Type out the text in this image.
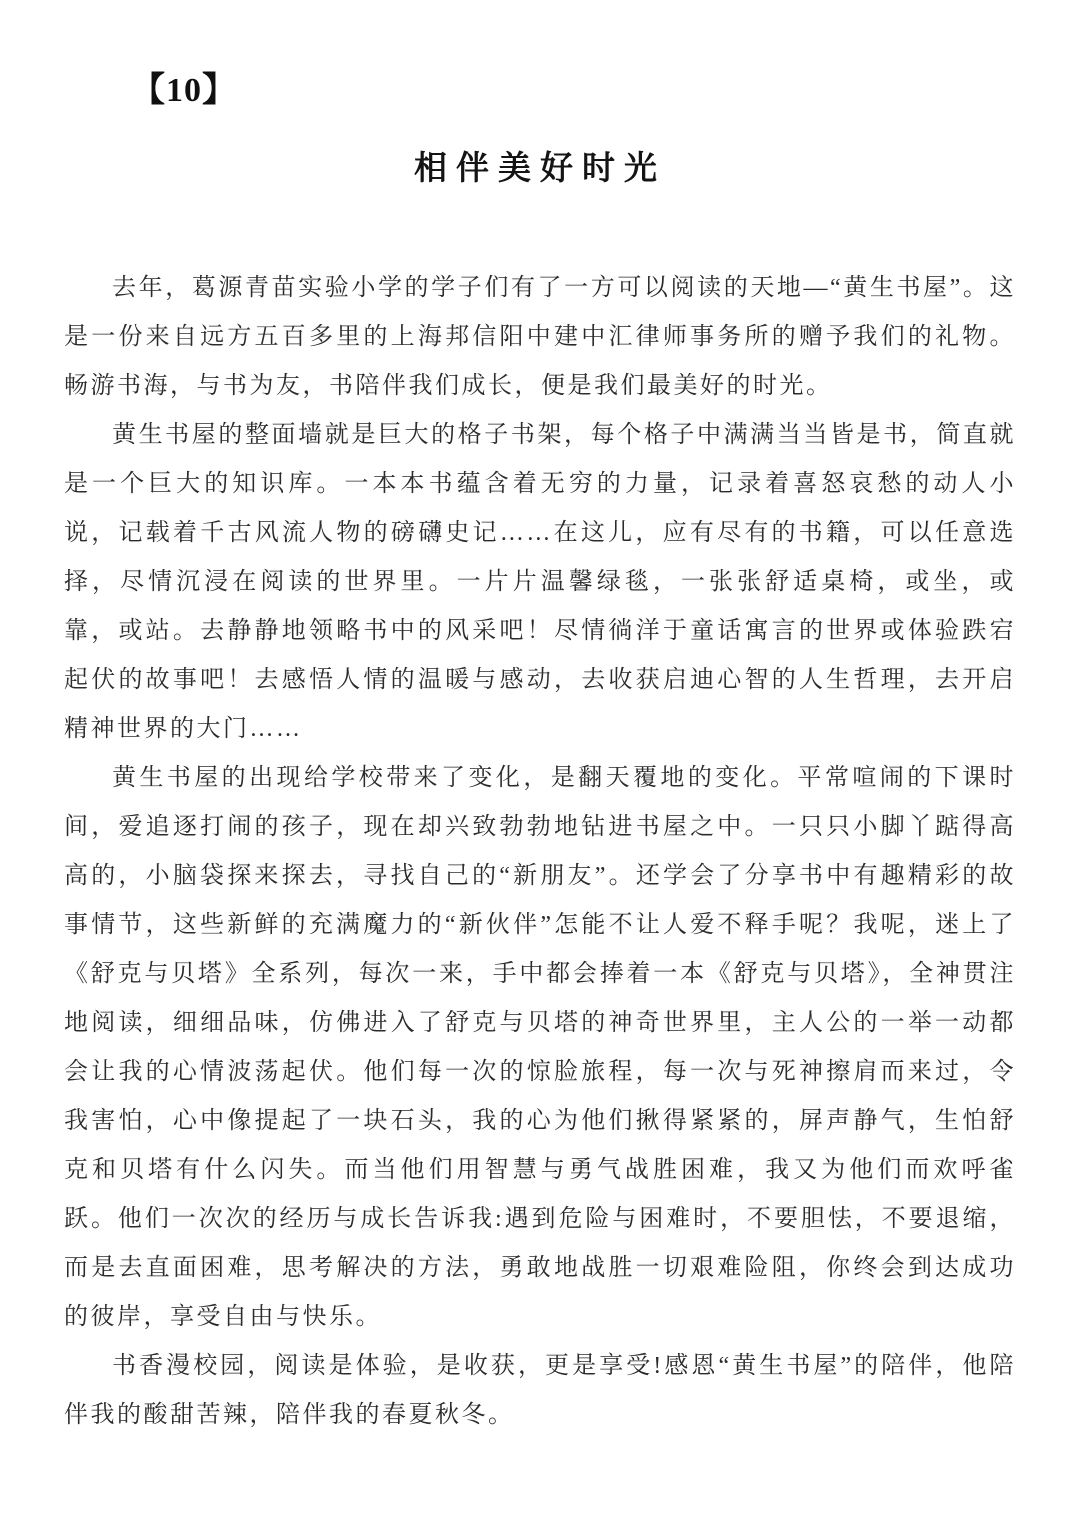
【10】
相伴美好时光

去年，葛源青苗实验小学的学子们有了一方可以阅读的天地—“黄生书屋”。这是一份来自远方五百多里的上海邦信阳中建中汇律师事务所的赠予我们的礼物。畅游书海，与书为友，书陪伴我们成长，便是我们最美好的时光。

黄生书屋的整面墙就是巨大的格子书架，每个格子中满满当当皆是书，简直就是一个巨大的知识库。一本本书蕴含着无穷的力量，记录着喜怒哀愁的动人小说，记载着千古风流人物的磅礴史记……在这儿，应有尽有的书籍，可以任意选择，尽情沉浸在阅读的世界里。一片片温馨绿毯，一张张舒适桌椅，或坐，或靠，或站。去静静地领略书中的风采吧！尽情徜洋于童话寓言的世界或体验跌宕起伏的故事吧！去感悟人情的温暖与感动，去收获启迪心智的人生哲理，去开启精神世界的大门……

黄生书屋的出现给学校带来了变化，是翻天覆地的变化。平常喧闹的下课时间，爱追逐打闹的孩子，现在却兴致勃勃地钻进书屋之中。一只只小脚丫踮得高高的，小脑袋探来探去，寻找自己的“新朋友”。还学会了分享书中有趣精彩的故事情节，这些新鲜的充满魔力的“新伙伴”怎能不让人爱不释手呢？我呢，迷上了《舒克与贝塔》全系列，每次一来，手中都会捧着一本《舒克与贝塔》，全神贯注地阅读，细细品味，仿佛进入了舒克与贝塔的神奇世界里，主人公的一举一动都会让我的心情波荡起伏。他们每一次的惊脸旅程，每一次与死神擦肩而来过，令我害怕，心中像提起了一块石头，我的心为他们揪得紧紧的，屏声静气，生怕舒克和贝塔有什么闪失。而当他们用智慧与勇气战胜困难，我又为他们而欢呼雀跃。他们一次次的经历与成长告诉我:遇到危险与困难时，不要胆怯，不要退缩，而是去直面困难，思考解决的方法，勇敢地战胜一切艰难险阻，你终会到达成功的彼岸，享受自由与快乐。

书香漫校园，阅读是体验，是收获，更是享受!感恩“黄生书屋”的陪伴，他陪伴我的酸甜苦辣，陪伴我的春夏秋冬。
